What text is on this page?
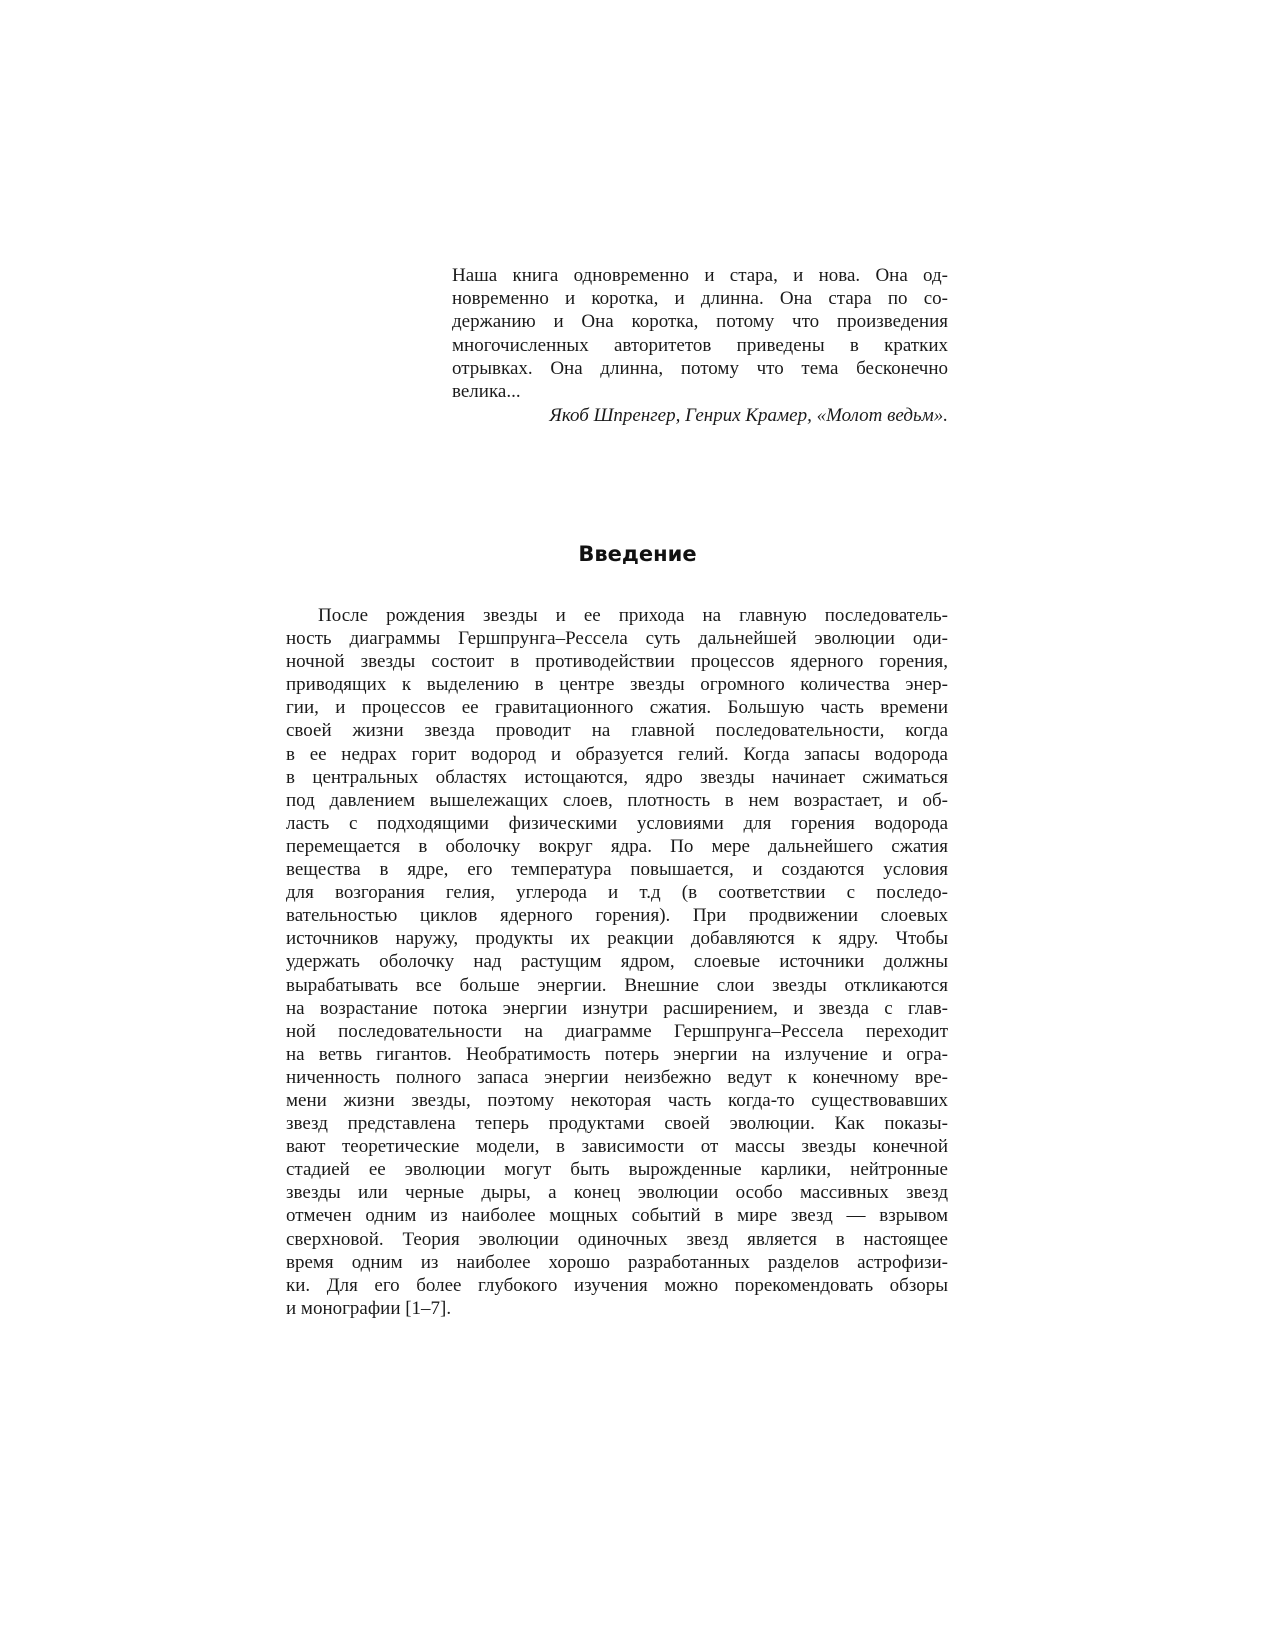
Наша книга одновременно и стара, и нова. Она од-
новременно и коротка, и длинна. Она стара по со-
держанию и Она коротка, потому что произведения
многочисленных авторитетов приведены в кратких
отрывках. Она длинна, потому что тема бесконечно
велика...
Якоб Шпренгер, Генрих Крамер, «Молот ведьм».
Введение
После рождения звезды и ее прихода на главную последователь-
ность диаграммы Гершпрунга–Рессела суть дальнейшей эволюции оди-
ночной звезды состоит в противодействии процессов ядерного горения,
приводящих к выделению в центре звезды огромного количества энер-
гии, и процессов ее гравитационного сжатия. Большую часть времени
своей жизни звезда проводит на главной последовательности, когда
в ее недрах горит водород и образуется гелий. Когда запасы водорода
в центральных областях истощаются, ядро звезды начинает сжиматься
под давлением вышележащих слоев, плотность в нем возрастает, и об-
ласть с подходящими физическими условиями для горения водорода
перемещается в оболочку вокруг ядра. По мере дальнейшего сжатия
вещества в ядре, его температура повышается, и создаются условия
для возгорания гелия, углерода и т.д (в соответствии с последо-
вательностью циклов ядерного горения). При продвижении слоевых
источников наружу, продукты их реакции добавляются к ядру. Чтобы
удержать оболочку над растущим ядром, слоевые источники должны
вырабатывать все больше энергии. Внешние слои звезды откликаются
на возрастание потока энергии изнутри расширением, и звезда с глав-
ной последовательности на диаграмме Гершпрунга–Рессела переходит
на ветвь гигантов. Необратимость потерь энергии на излучение и огра-
ниченность полного запаса энергии неизбежно ведут к конечному вре-
мени жизни звезды, поэтому некоторая часть когда-то существовавших
звезд представлена теперь продуктами своей эволюции. Как показы-
вают теоретические модели, в зависимости от массы звезды конечной
стадией ее эволюции могут быть вырожденные карлики, нейтронные
звезды или черные дыры, а конец эволюции особо массивных звезд
отмечен одним из наиболее мощных событий в мире звезд — взрывом
сверхновой. Теория эволюции одиночных звезд является в настоящее
время одним из наиболее хорошо разработанных разделов астрофизи-
ки. Для его более глубокого изучения можно порекомендовать обзоры
и монографии [1–7].
